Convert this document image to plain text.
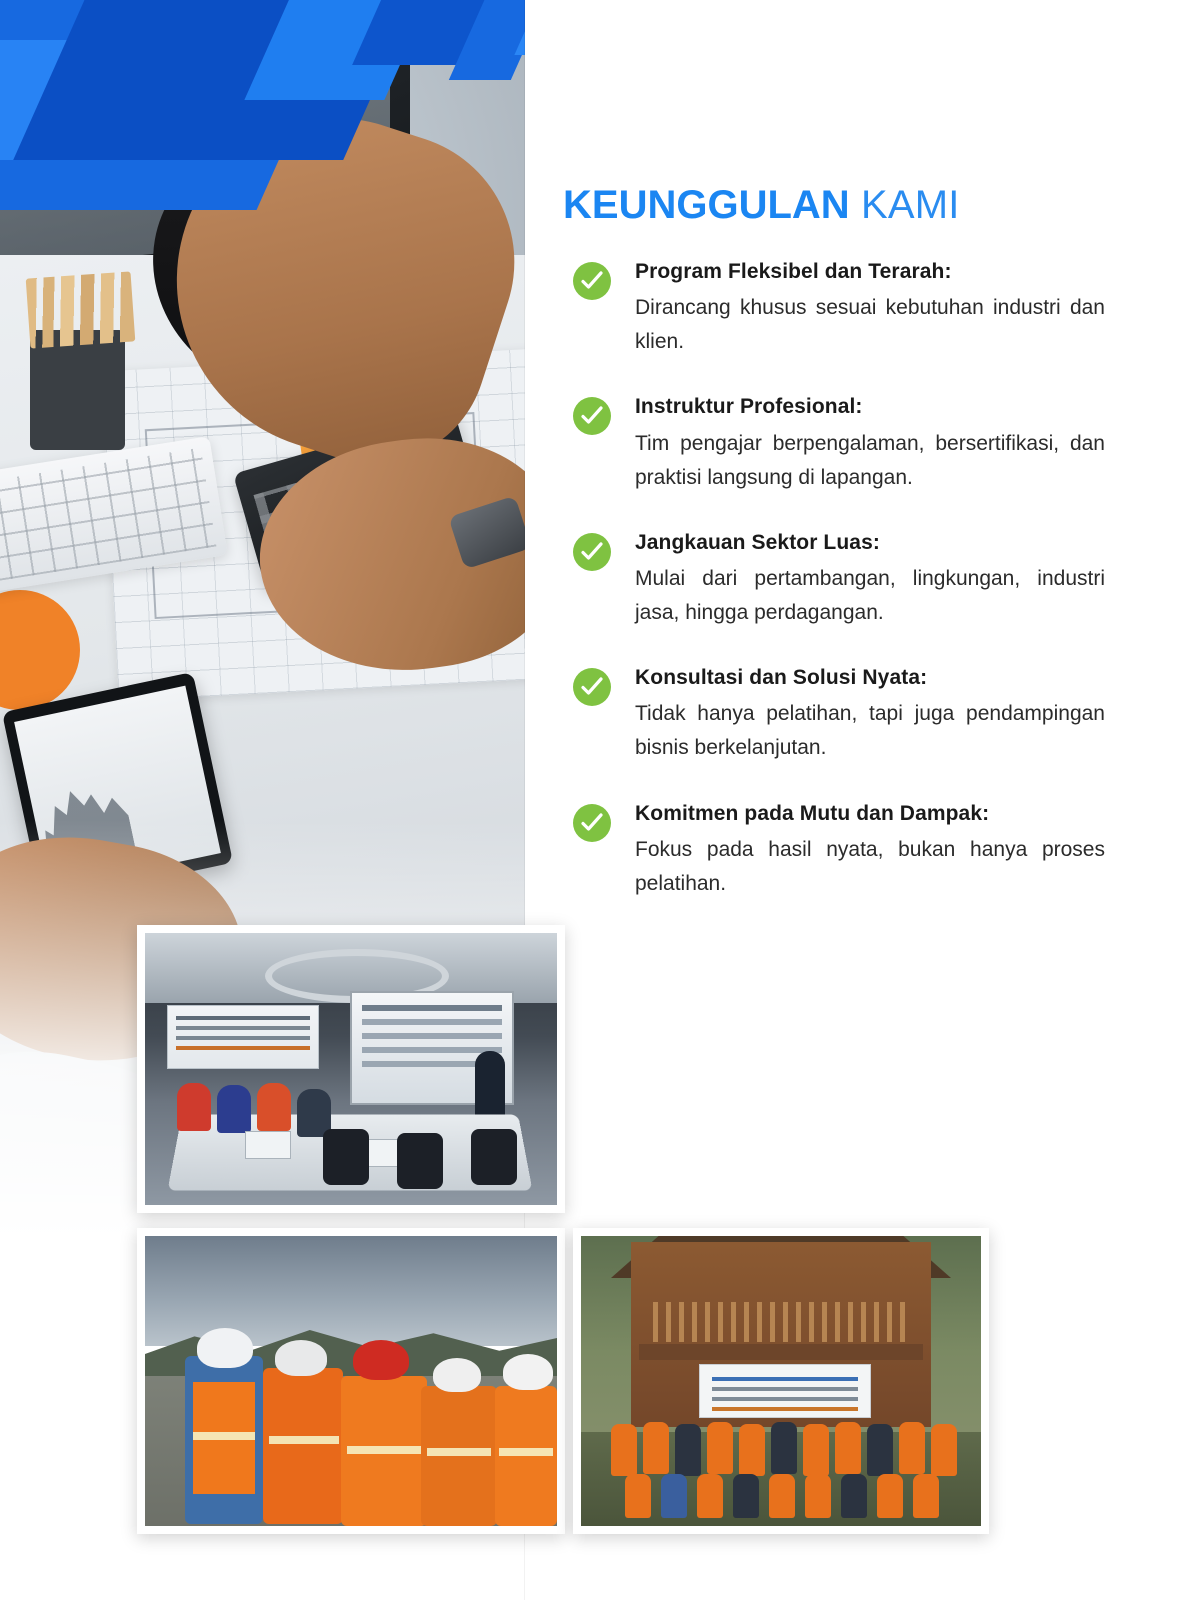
KEUNGGULAN KAMI

Program Fleksibel dan Terarah:

Dirancang khusus sesuai kebutuhan industri dan klien.

Instruktur Profesional:

Tim pengajar berpengalaman, bersertifikasi, dan praktisi langsung di lapangan.

Jangkauan Sektor Luas:

Mulai dari pertambangan, lingkungan, industri jasa, hingga perdagangan.

Konsultasi dan Solusi Nyata:

Tidak hanya pelatihan, tapi juga pendampingan bisnis berkelanjutan.

Komitmen pada Mutu dan Dampak:

Fokus pada hasil nyata, bukan hanya proses pelatihan.
